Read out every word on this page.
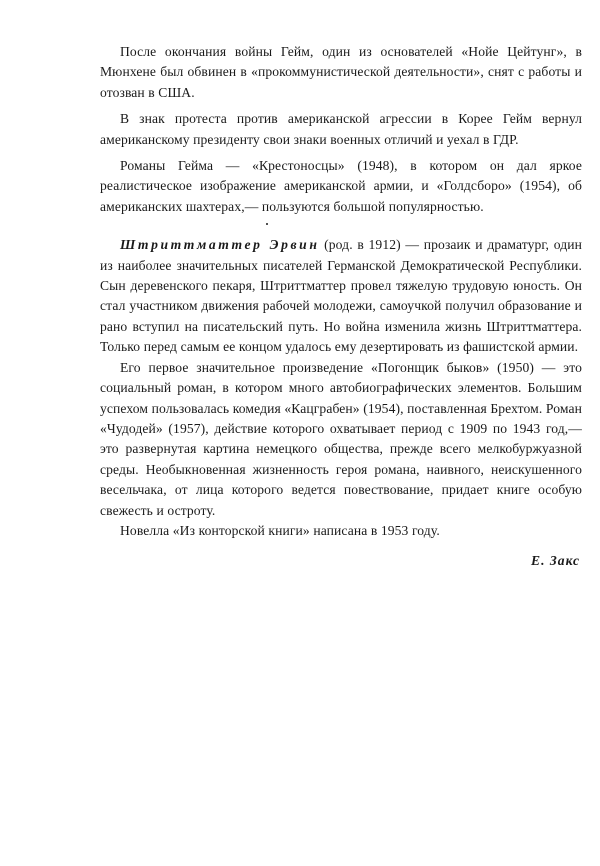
После окончания войны Гейм, один из основателей «Нойе Цейтунг», в Мюнхене был обвинен в «прокоммунистической деятельности», снят с работы и отозван в США.

В знак протеста против американской агрессии в Корее Гейм вернул американскому президенту свои знаки военных отличий и уехал в ГДР.

Романы Гейма — «Крестоносцы» (1948), в котором он дал яркое реалистическое изображение американской армии, и «Голдсборо» (1954), об американских шахтерах,— пользуются большой популярностью.

Штриттматтер Эрвин (род. в 1912) — прозаик и драматург, один из наиболее значительных писателей Германской Демократической Республики. Сын деревенского пекаря, Штриттматтер провел тяжелую трудовую юность. Он стал участником движения рабочей молодежи, самоучкой получил образование и рано вступил на писательский путь. Но война изменила жизнь Штриттматтера. Только перед самым ее концом удалось ему дезертировать из фашистской армии.

Его первое значительное произведение «Погонщик быков» (1950) — это социальный роман, в котором много автобиографических элементов. Большим успехом пользовалась комедия «Кацграбен» (1954), поставленная Брехтом. Роман «Чудодей» (1957), действие которого охватывает период с 1909 по 1943 год,— это развернутая картина немецкого общества, прежде всего мелкобуржуазной среды. Необыкновенная жизненность героя романа, наивного, неискушенного весельчака, от лица которого ведется повествование, придает книге особую свежесть и остроту.

Новелла «Из конторской книги» написана в 1953 году.

Е. Закс
